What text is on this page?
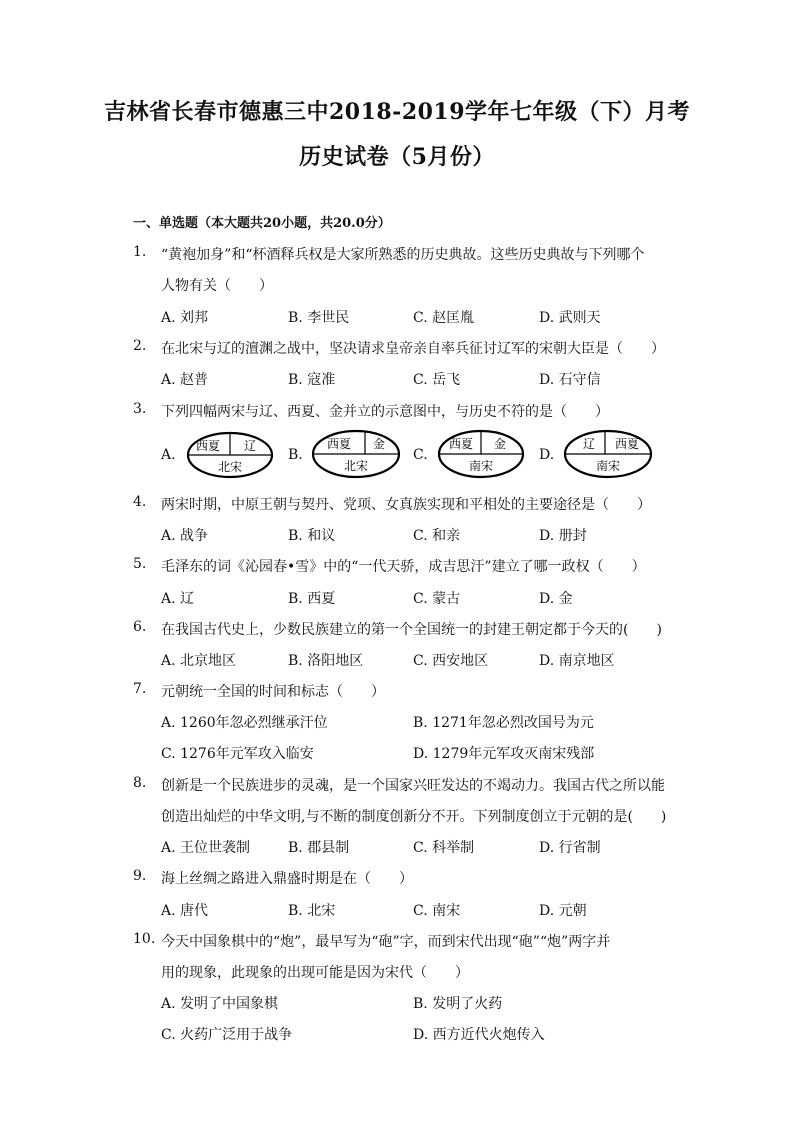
吉林省长春市德惠三中2018-2019学年七年级（下）月考
历史试卷（5月份）
一、单选题（本大题共20小题，共20.0分）
1. “黄袍加身”和“杯酒释兵权是大家所熟悉的历史典故。这些历史典故与下列哪个
人物有关（　　）
A. 刘邦	B. 李世民	C. 赵匡胤	D. 武则天
2. 在北宋与辽的澶渊之战中，坚决请求皇帝亲自率兵征讨辽军的宋朝大臣是（　　）
A. 赵普	B. 寇准	C. 岳飞	D. 石守信
3. 下列四幅两宋与辽、西夏、金并立的示意图中，与历史不符的是（　　）
A.
西夏 辽
北宋
B.
西夏 金
北宋
C.
西夏 金
南宋
D.
辽 西夏
南宋
4. 两宋时期，中原王朝与契丹、党项、女真族实现和平相处的主要途径是（　　）
A. 战争	B. 和议	C. 和亲	D. 册封
5. 毛泽东的词《沁园春•雪》中的“一代天骄，成吉思汗”建立了哪一政权（　　）
A. 辽	B. 西夏	C. 蒙古	D. 金
6. 在我国古代史上，少数民族建立的第一个全国统一的封建王朝定都于今天的(　　)
A. 北京地区	B. 洛阳地区	C. 西安地区	D. 南京地区
7. 元朝统一全国的时间和标志（　　）
A. 1260年忽必烈继承汗位	B. 1271年忽必烈改国号为元
C. 1276年元军攻入临安	D. 1279年元军攻灭南宋残部
8. 创新是一个民族进步的灵魂，是一个国家兴旺发达的不竭动力。我国古代之所以能
创造出灿烂的中华文明,与不断的制度创新分不开。下列制度创立于元朝的是(　　)
A. 王位世袭制	B. 郡县制	C. 科举制	D. 行省制
9. 海上丝绸之路进入鼎盛时期是在（　　）
A. 唐代	B. 北宋	C. 南宋	D. 元朝
10. 今天中国象棋中的“炮”，最早写为“砲”字，而到宋代出现“砲”“炮”两字并
用的现象，此现象的出现可能是因为宋代（　　）
A. 发明了中国象棋	B. 发明了火药
C. 火药广泛用于战争	D. 西方近代火炮传入
